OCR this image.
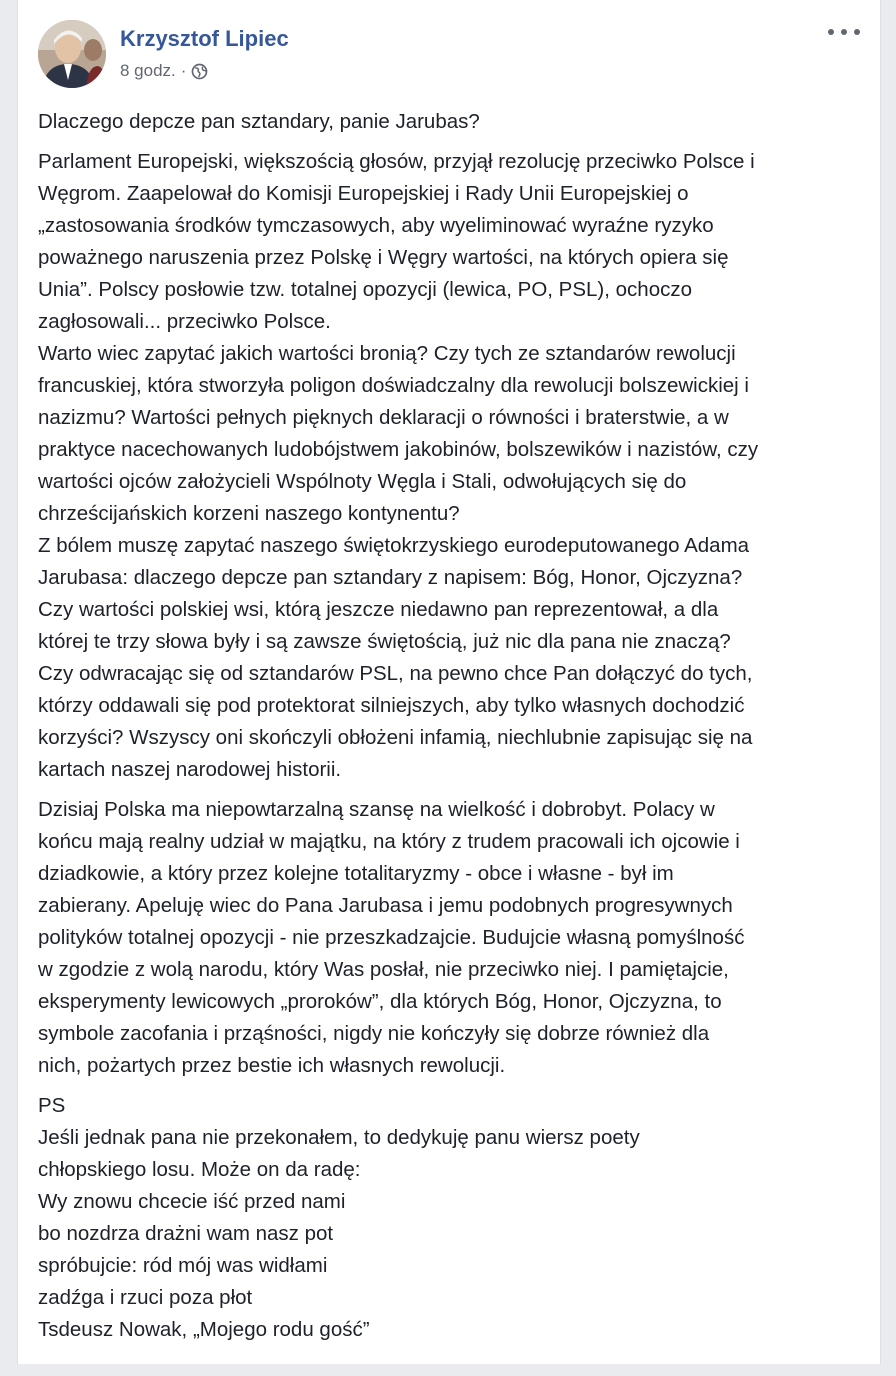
Krzysztof Lipiec
8 godz. ·

Dlaczego depcze pan sztandary, panie Jarubas?

Parlament Europejski, większością głosów, przyjął rezolucję przeciwko Polsce i
Węgrom. Zaapelował do Komisji Europejskiej i Rady Unii Europejskiej o
„zastosowania środków tymczasowych, aby wyeliminować wyraźne ryzyko
poważnego naruszenia przez Polskę i Węgry wartości, na których opiera się
Unia”. Polscy posłowie tzw. totalnej opozycji (lewica, PO, PSL), ochoczo
zagłosowali... przeciwko Polsce.
Warto wiec zapytać jakich wartości bronią? Czy tych ze sztandarów rewolucji
francuskiej, która stworzyła poligon doświadczalny dla rewolucji bolszewickiej i
nazizmu? Wartości pełnych pięknych deklaracji o równości i braterstwie, a w
praktyce nacechowanych ludobójstwem jakobinów, bolszewików i nazistów, czy
wartości ojców założycieli Wspólnoty Węgla i Stali, odwołujących się do
chrześcijańskich korzeni naszego kontynentu?
Z bólem muszę zapytać naszego świętokrzyskiego eurodeputowanego Adama
Jarubasa: dlaczego depcze pan sztandary z napisem: Bóg, Honor, Ojczyzna?
Czy wartości polskiej wsi, którą jeszcze niedawno pan reprezentował, a dla
której te trzy słowa były i są zawsze świętością, już nic dla pana nie znaczą?
Czy odwracając się od sztandarów PSL, na pewno chce Pan dołączyć do tych,
którzy oddawali się pod protektorat silniejszych, aby tylko własnych dochodzić
korzyści? Wszyscy oni skończyli obłożeni infamią, niechlubnie zapisując się na
kartach naszej narodowej historii.

Dzisiaj Polska ma niepowtarzalną szansę na wielkość i dobrobyt. Polacy w
końcu mają realny udział w majątku, na który z trudem pracowali ich ojcowie i
dziadkowie, a który przez kolejne totalitaryzmy - obce i własne - był im
zabierany. Apeluję wiec do Pana Jarubasa i jemu podobnych progresywnych
polityków totalnej opozycji - nie przeszkadzajcie. Budujcie własną pomyślność
w zgodzie z wolą narodu, który Was posłał, nie przeciwko niej. I pamiętajcie,
eksperymenty lewicowych „proroków”, dla których Bóg, Honor, Ojczyzna, to
symbole zacofania i prząśności, nigdy nie kończyły się dobrze również dla
nich, pożartych przez bestie ich własnych rewolucji.

PS
Jeśli jednak pana nie przekonałem, to dedykuję panu wiersz poety
chłopskiego losu. Może on da radę:
Wy znowu chcecie iść przed nami
bo nozdrza drażni wam nasz pot
spróbujcie: ród mój was widłami
zadźga i rzuci poza płot
Tsdeusz Nowak, „Mojego rodu gość”
